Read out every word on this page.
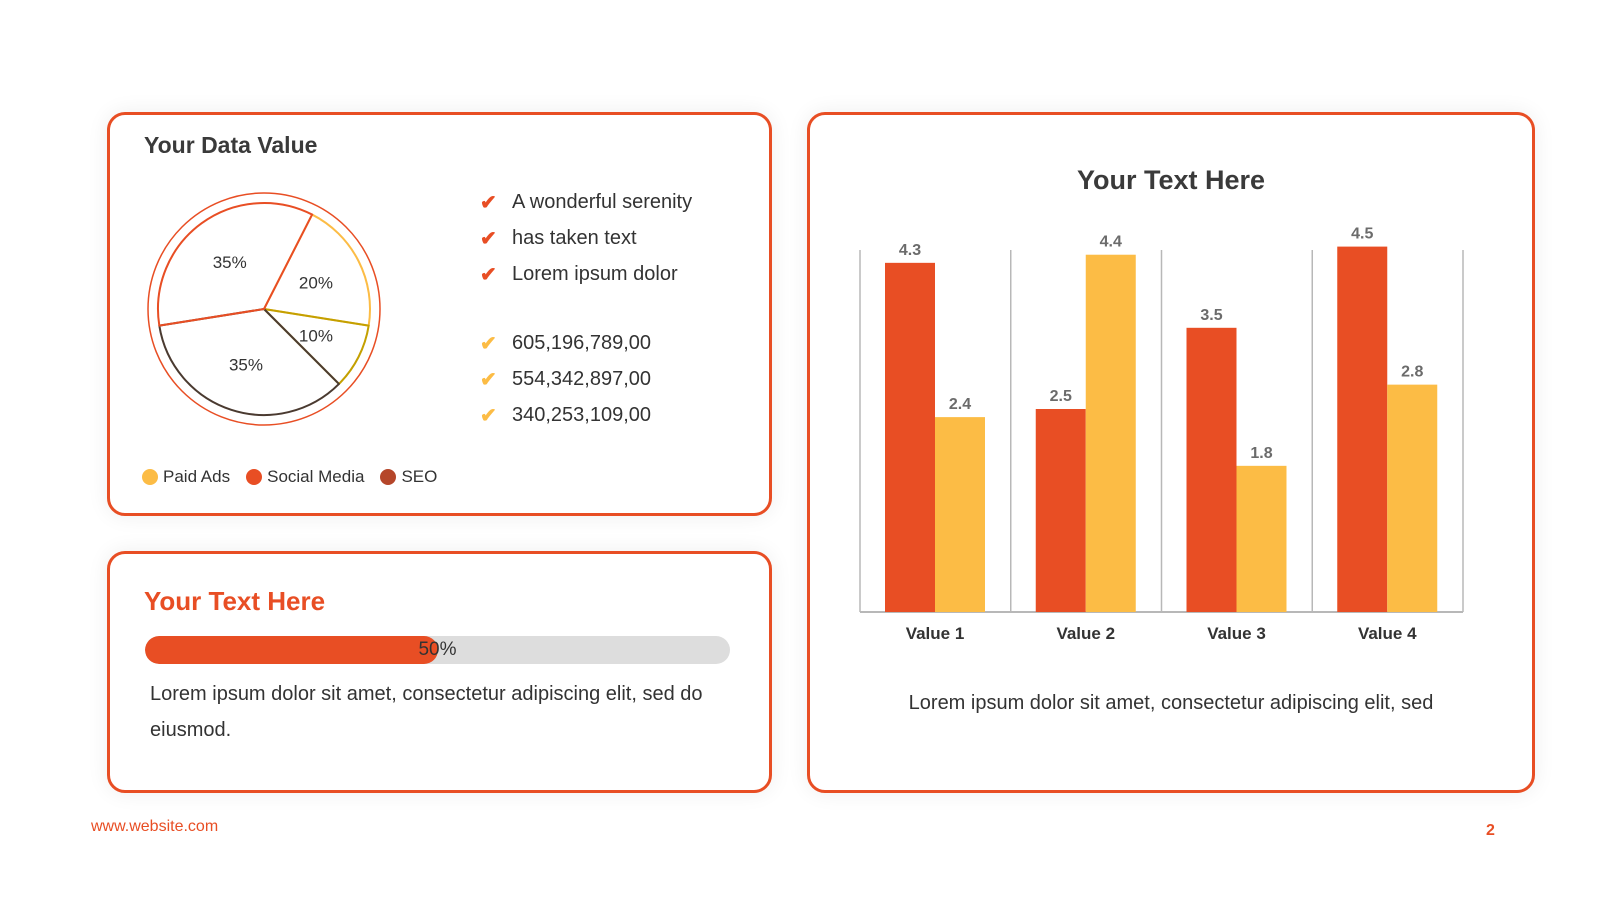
Your Data Value
20%
10%
35%
35%
✔ A wonderful serenity
✔ has taken text
✔ Lorem ipsum dolor
✔ 605,196,789,00
✔ 554,342,897,00
✔ 340,253,109,00
Paid Ads Social Media SEO
Your Text Here
50%
Lorem ipsum dolor sit amet, consectetur adipiscing elit, sed do eiusmod.
Your Text Here
4.3
2.4
Value 1
2.5
4.4
Value 2
3.5
1.8
Value 3
4.5
2.8
Value 4
Lorem ipsum dolor sit amet, consectetur adipiscing elit, sed
www.website.com	2
